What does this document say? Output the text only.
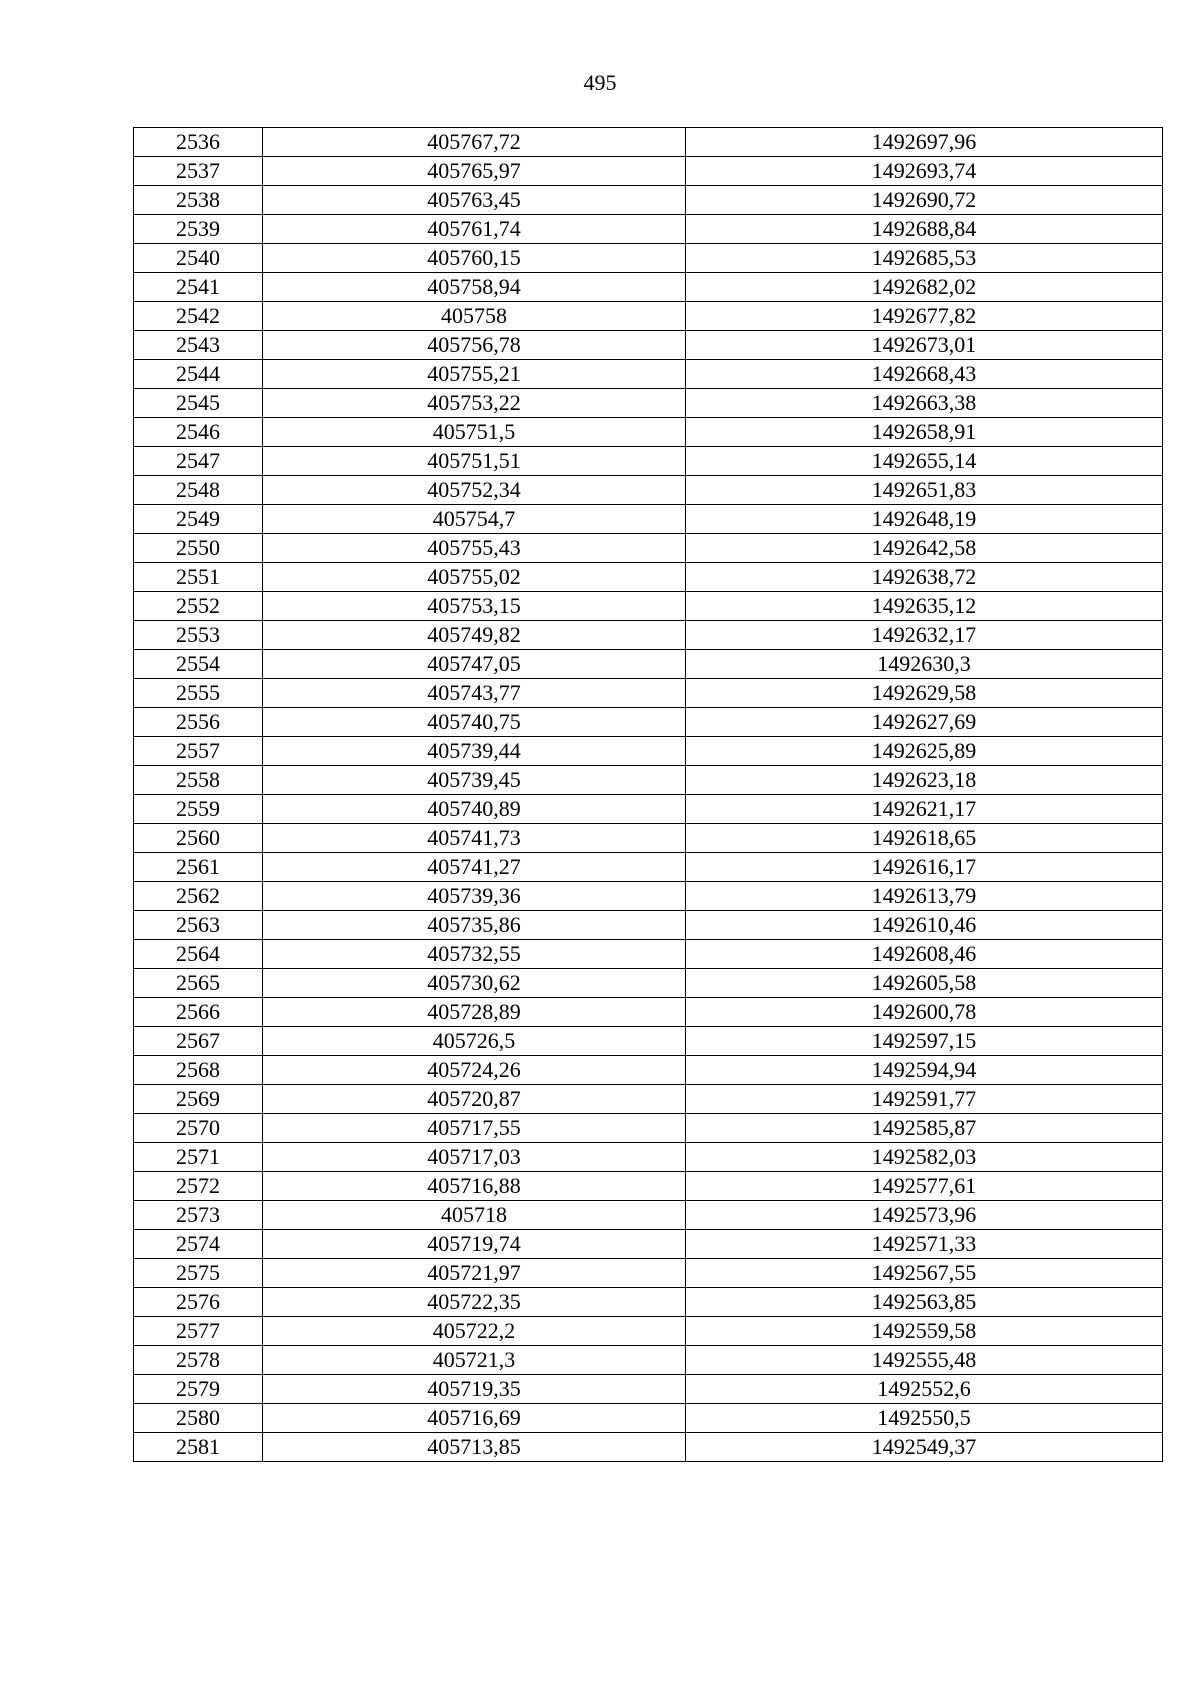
495
2536	405767,72	1492697,96
2537	405765,97	1492693,74
2538	405763,45	1492690,72
2539	405761,74	1492688,84
2540	405760,15	1492685,53
2541	405758,94	1492682,02
2542	405758	1492677,82
2543	405756,78	1492673,01
2544	405755,21	1492668,43
2545	405753,22	1492663,38
2546	405751,5	1492658,91
2547	405751,51	1492655,14
2548	405752,34	1492651,83
2549	405754,7	1492648,19
2550	405755,43	1492642,58
2551	405755,02	1492638,72
2552	405753,15	1492635,12
2553	405749,82	1492632,17
2554	405747,05	1492630,3
2555	405743,77	1492629,58
2556	405740,75	1492627,69
2557	405739,44	1492625,89
2558	405739,45	1492623,18
2559	405740,89	1492621,17
2560	405741,73	1492618,65
2561	405741,27	1492616,17
2562	405739,36	1492613,79
2563	405735,86	1492610,46
2564	405732,55	1492608,46
2565	405730,62	1492605,58
2566	405728,89	1492600,78
2567	405726,5	1492597,15
2568	405724,26	1492594,94
2569	405720,87	1492591,77
2570	405717,55	1492585,87
2571	405717,03	1492582,03
2572	405716,88	1492577,61
2573	405718	1492573,96
2574	405719,74	1492571,33
2575	405721,97	1492567,55
2576	405722,35	1492563,85
2577	405722,2	1492559,58
2578	405721,3	1492555,48
2579	405719,35	1492552,6
2580	405716,69	1492550,5
2581	405713,85	1492549,37
